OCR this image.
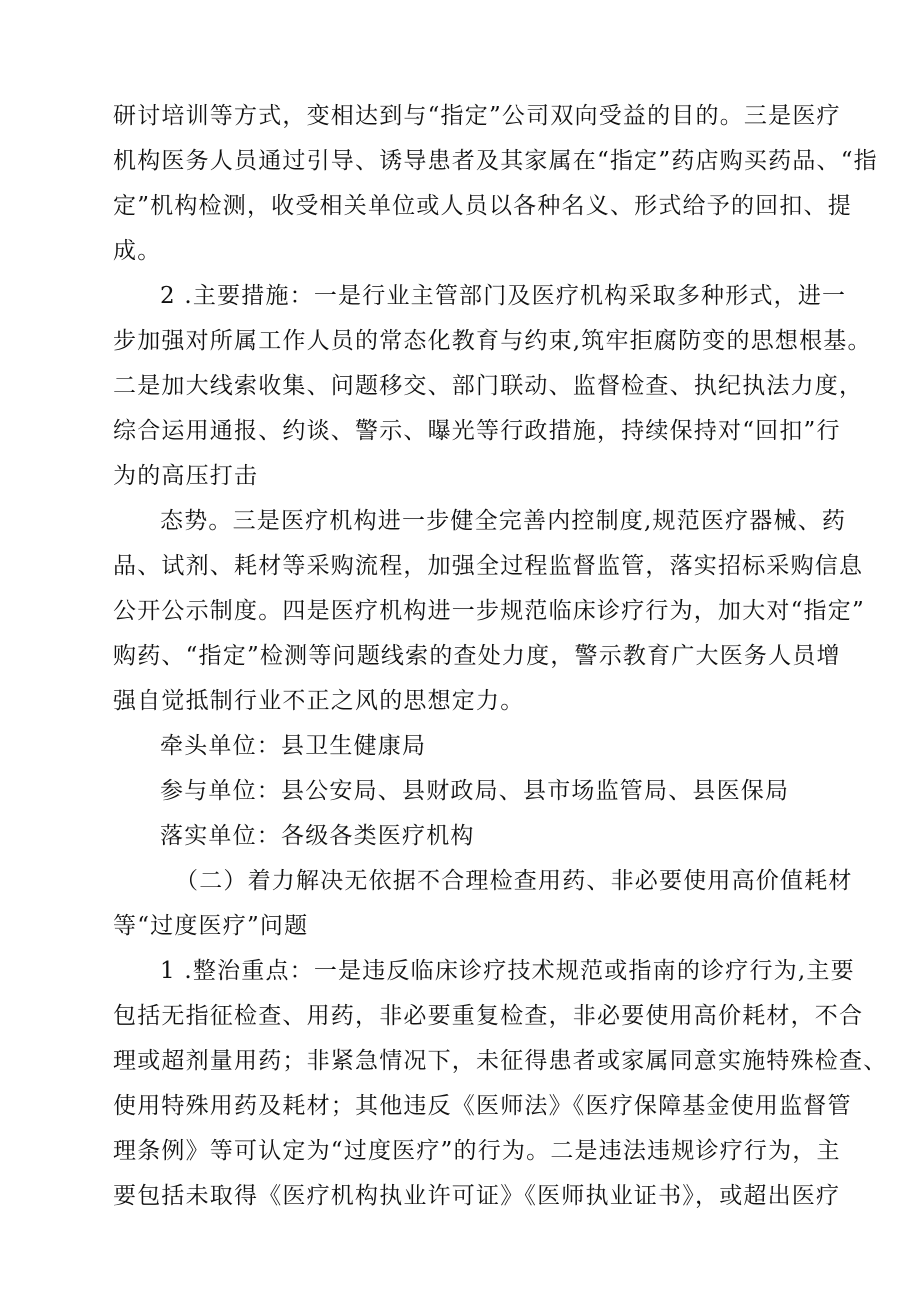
研讨培训等方式，变相达到与“指定”公司双向受益的目的。三是医疗
机构医务人员通过引导、诱导患者及其家属在“指定”药店购买药品、“指
定”机构检测，收受相关单位或人员以各种名义、形式给予的回扣、提
成。
2 .主要措施：一是行业主管部门及医疗机构采取多种形式，进一
步加强对所属工作人员的常态化教育与约束,筑牢拒腐防变的思想根基。
二是加大线索收集、问题移交、部门联动、监督检查、执纪执法力度，
综合运用通报、约谈、警示、曝光等行政措施，持续保持对“回扣”行
为的高压打击
态势。三是医疗机构进一步健全完善内控制度,规范医疗器械、药
品、试剂、耗材等采购流程，加强全过程监督监管，落实招标采购信息
公开公示制度。四是医疗机构进一步规范临床诊疗行为，加大对“指定”
购药、“指定”检测等问题线索的查处力度，警示教育广大医务人员增
强自觉抵制行业不正之风的思想定力。
牵头单位：县卫生健康局
参与单位：县公安局、县财政局、县市场监管局、县医保局
落实单位：各级各类医疗机构
（二）着力解决无依据不合理检查用药、非必要使用高价值耗材
等“过度医疗”问题
1 .整治重点：一是违反临床诊疗技术规范或指南的诊疗行为,主要
包括无指征检查、用药，非必要重复检查，非必要使用高价耗材，不合
理或超剂量用药；非紧急情况下，未征得患者或家属同意实施特殊检查、
使用特殊用药及耗材；其他违反《医师法》《医疗保障基金使用监督管
理条例》等可认定为“过度医疗”的行为。二是违法违规诊疗行为，主
要包括未取得《医疗机构执业许可证》《医师执业证书》，或超出医疗
